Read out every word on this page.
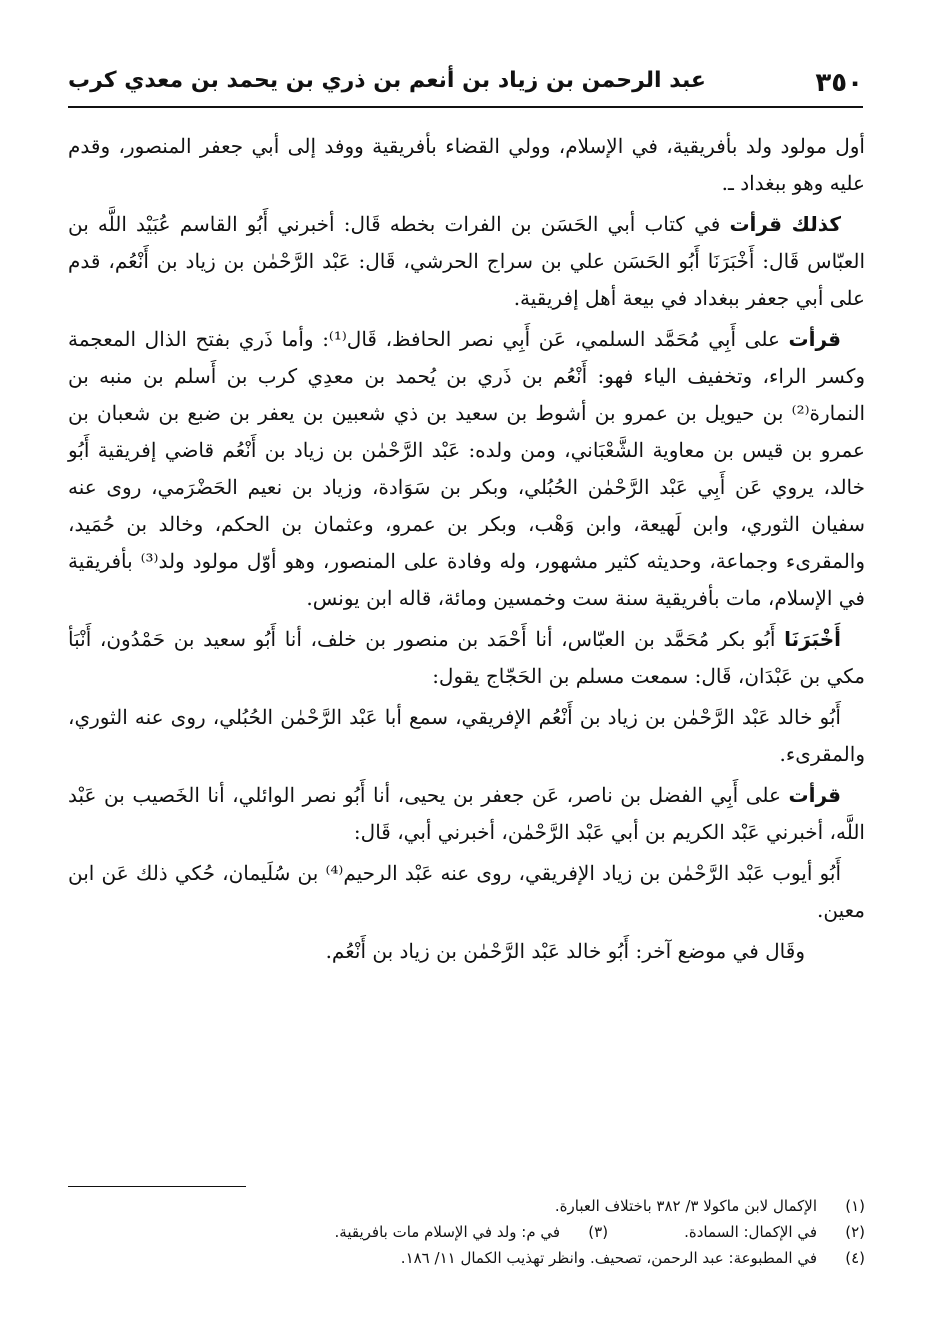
٣٥٠
عبد الرحمن بن زياد بن أنعم بن ذري بن يحمد بن معدي كرب

أول مولود ولد بأفريقية، في الإسلام، وولي القضاء بأفريقية ووفد إلى أبي جعفر المنصور، وقدم عليه وهو ببغداد ـ.

كذلك قرأت في كتاب أبي الحَسَن بن الفرات بخطه قَال: أخبرني أَبُو القاسم عُبَيْد اللَّه بن العبّاس قَال: أَخْبَرَنَا أَبُو الحَسَن علي بن سراج الحرشي، قَال: عَبْد الرَّحْمٰن بن زياد بن أَنْعُم، قدم على أبي جعفر ببغداد في بيعة أهل إفريقية.

قرأت على أَبِي مُحَمَّد السلمي، عَن أَبِي نصر الحافظ، قَال⁽¹⁾: وأما ذَري بفتح الذال المعجمة وكسر الراء، وتخفيف الياء فهو: أَنْعُم بن ذَري بن يُحمد بن معدِي كرب بن أَسلم بن منبه بن النمارة⁽²⁾ بن حيويل بن عمرو بن أشوط بن سعيد بن ذي شعبين بن يعفر بن ضبع بن شعبان بن عمرو بن قيس بن معاوية الشَّعْبَاني، ومن ولده: عَبْد الرَّحْمٰن بن زياد بن أَنْعُم قاضي إفريقية أَبُو خالد، يروي عَن أَبِي عَبْد الرَّحْمٰن الحُبُلي، وبكر بن سَوَادة، وزياد بن نعيم الحَضْرَمي، روى عنه سفيان الثوري، وابن لَهيعة، وابن وَهْب، وبكر بن عمرو، وعثمان بن الحكم، وخالد بن حُمَيد، والمقرىء وجماعة، وحديثه كثير مشهور، وله وفادة على المنصور، وهو أوّل مولود ولد⁽³⁾ بأفريقية في الإسلام، مات بأفريقية سنة ست وخمسين ومائة، قاله ابن يونس.

أَخْبَرَنَا أَبُو بكر مُحَمَّد بن العبّاس، أنا أَحْمَد بن منصور بن خلف، أنا أَبُو سعيد بن حَمْدُون، أَنْبَأ مكي بن عَبْدَان، قَال: سمعت مسلم بن الحَجّاج يقول:

أَبُو خالد عَبْد الرَّحْمٰن بن زياد بن أَنْعُم الإفريقي، سمع أبا عَبْد الرَّحْمٰن الحُبُلي، روى عنه الثوري، والمقرىء.

قرأت على أَبِي الفضل بن ناصر، عَن جعفر بن يحيى، أنا أَبُو نصر الوائلي، أنا الخَصيب بن عَبْد اللَّه، أخبرني عَبْد الكريم بن أبي عَبْد الرَّحْمٰن، أخبرني أبي، قَال:

أَبُو أيوب عَبْد الرَّحْمٰن بن زياد الإفريقي، روى عنه عَبْد الرحيم⁽⁴⁾ بن سُلَيمان، حُكي ذلك عَن ابن معين.

وقَال في موضع آخر: أَبُو خالد عَبْد الرَّحْمٰن بن زياد بن أَنْعُم.

(١)
الإكمال لابن ماكولا ٣/ ٣٨٢ باختلاف العبارة.
(٢)
في الإكمال: السمادة.
(٣)
في م: ولد في الإسلام مات بافريقية.
(٤)
في المطبوعة: عبد الرحمن، تصحيف. وانظر تهذيب الكمال ١١/ ١٨٦.
